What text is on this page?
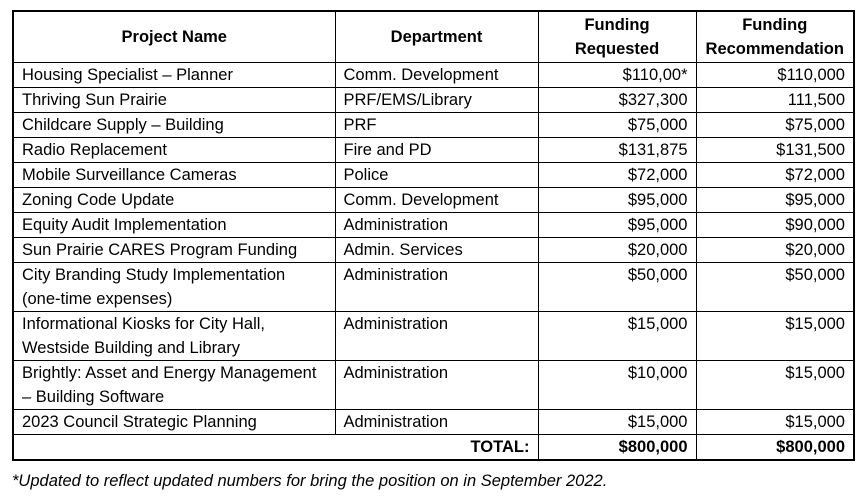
Project Name	Department	Funding Requested	Funding Recommendation
Housing Specialist – Planner	Comm. Development	$110,00*	$110,000
Thriving Sun Prairie	PRF/EMS/Library	$327,300	111,500
Childcare Supply – Building	PRF	$75,000	$75,000
Radio Replacement	Fire and PD	$131,875	$131,500
Mobile Surveillance Cameras	Police	$72,000	$72,000
Zoning Code Update	Comm. Development	$95,000	$95,000
Equity Audit Implementation	Administration	$95,000	$90,000
Sun Prairie CARES Program Funding	Admin. Services	$20,000	$20,000
City Branding Study Implementation (one-time expenses)	Administration	$50,000	$50,000
Informational Kiosks for City Hall, Westside Building and Library	Administration	$15,000	$15,000
Brightly: Asset and Energy Management – Building Software	Administration	$10,000	$15,000
2023 Council Strategic Planning	Administration	$15,000	$15,000
TOTAL:		$800,000	$800,000
*Updated to reflect updated numbers for bring the position on in September 2022.
